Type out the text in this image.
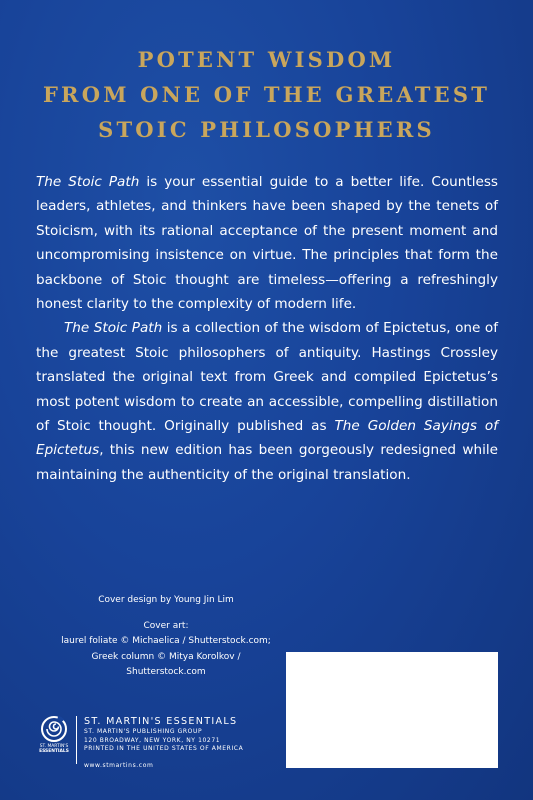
POTENT WISDOM
FROM ONE OF THE GREATEST
STOIC PHILOSOPHERS

The Stoic Path is your essential guide to a better life. Countless leaders, athletes, and thinkers have been shaped by the tenets of Stoicism, with its rational acceptance of the present moment and uncompromising insistence on virtue. The principles that form the backbone of Stoic thought are timeless—offering a refreshingly honest clarity to the complexity of modern life.

The Stoic Path is a collection of the wisdom of Epictetus, one of the greatest Stoic philosophers of antiquity. Hastings Crossley translated the original text from Greek and compiled Epictetus’s most potent wisdom to create an accessible, compelling distillation of Stoic thought. Originally published as The Golden Sayings of Epictetus, this new edition has been gorgeously redesigned while maintaining the authenticity of the original translation.

Cover design by Young Jin Lim
Cover art:
laurel foliate © Michaelica / Shutterstock.com;
Greek column © Mitya Korolkov /
Shutterstock.com
ST. MARTIN'S
ESSENTIALS
ST. MARTIN'S ESSENTIALS
ST. MARTIN'S PUBLISHING GROUP
120 BROADWAY, NEW YORK, NY 10271
PRINTED IN THE UNITED STATES OF AMERICA
www.stmartins.com
